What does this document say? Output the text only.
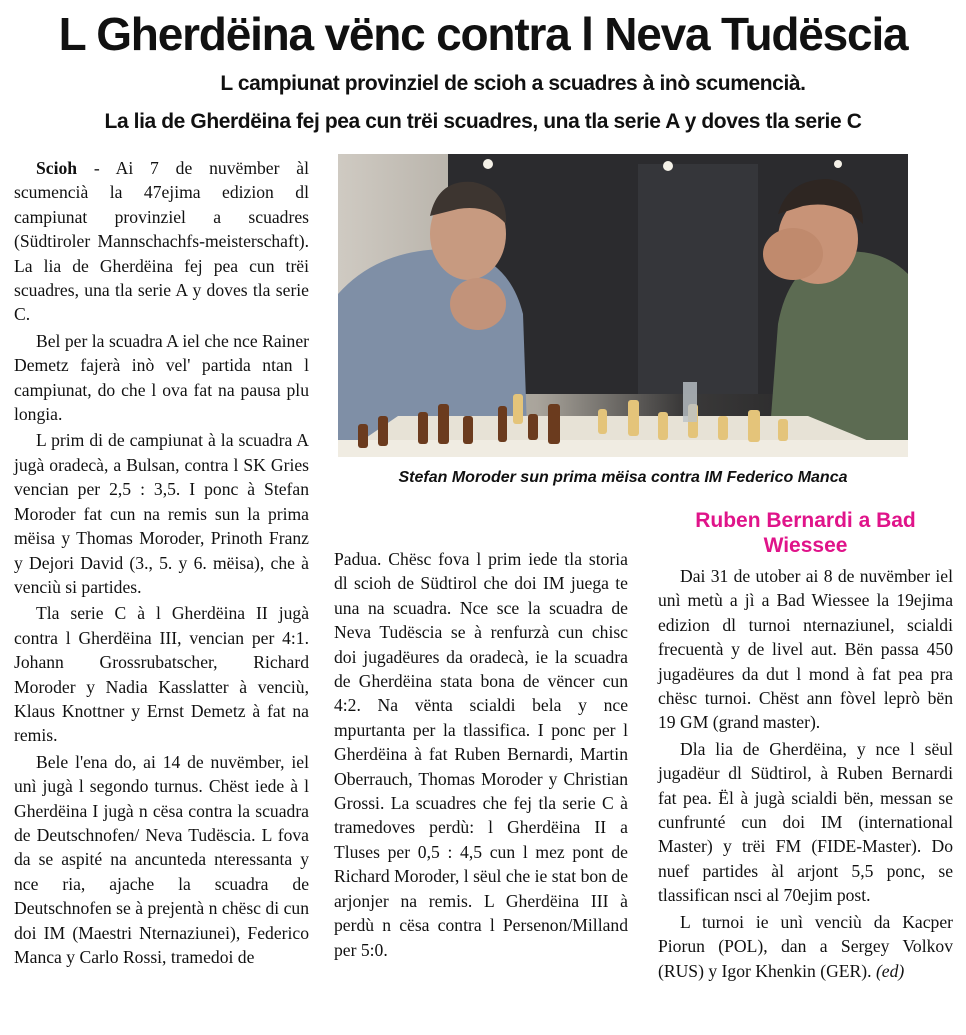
L Gherdëina vënc contra l Neva Tudëscia
L campiunat provinziel de scioh a scuadres à inò scumencià.
La lia de Gherdëina fej pea cun trëi scuadres, una tla serie A y doves tla serie C

Scioh - Ai 7 de nuvëmber àl scumencià la 47ejima edizion dl campiunat provinziel a scuadres (Südtiroler Mannschachfs-meisterschaft). La lia de Gherdëina fej pea cun trëi scuadres, una tla serie A y doves tla serie C.

Bel per la scuadra A iel che nce Rainer Demetz fajerà inò vel' partida ntan l campiunat, do che l ova fat na pausa plu longia.

L prim di de campiunat à la scuadra A jugà oradecà, a Bulsan, contra l SK Gries vencian per 2,5 : 3,5. I ponc à Stefan Moroder fat cun na remis sun la prima mëisa y Thomas Moroder, Prinoth Franz y Dejori David (3., 5. y 6. mëisa), che à venciù si partides.

Tla serie C à l Gherdëina II jugà contra l Gherdëina III, vencian per 4:1. Johann Grossrubatscher, Richard Moroder y Nadia Kasslatter à venciù, Klaus Knottner y Ernst Demetz à fat na remis.

Bele l'ena do, ai 14 de nuvëmber, iel unì jugà l segondo turnus. Chëst iede à l Gherdëina I jugà n cësa contra la scuadra de Deutschnofen/ Neva Tudëscia. L fova da se aspité na ancunteda nteressanta y nce ria, ajache la scuadra de Deutschnofen se à prejentà n chësc di cun doi IM (Maestri Nternaziunei), Federico Manca y Carlo Rossi, tramedoi de

Stefan Moroder sun prima mëisa contra IM Federico Manca

Padua. Chësc fova l prim iede tla storia dl scioh de Südtirol che doi IM juega te una na scuadra. Nce sce la scuadra de Neva Tudëscia se à renfurzà cun chisc doi jugadëures da oradecà, ie la scuadra de Gherdëina stata bona de vëncer cun 4:2. Na vënta scialdi bela y nce mpurtanta per la tlassifica. I ponc per l Gherdëina à fat Ruben Bernardi, Martin Oberrauch, Thomas Moroder y Christian Grossi. La scuadres che fej tla serie C à tramedoves perdù: l Gherdëina II a Tluses per 0,5 : 4,5 cun l mez pont de Richard Moroder, l sëul che ie stat bon de arjonjer na remis. L Gherdëina III à perdù n cësa contra l Persenon/Milland per 5:0.

Ruben Bernardi a Bad Wiessee

Dai 31 de utober ai 8 de nuvëmber iel unì metù a jì a Bad Wiessee la 19ejima edizion dl turnoi nternaziunel, scialdi frecuentà y de livel aut. Bën passa 450 jugadëures da dut l mond à fat pea pra chësc turnoi. Chëst ann fòvel leprò bën 19 GM (grand master).

Dla lia de Gherdëina, y nce l sëul jugadëur dl Südtirol, à Ruben Bernardi fat pea. Ël à jugà scialdi bën, messan se cunfrunté cun doi IM (international Master) y trëi FM (FIDE-Master). Do nuef partides àl arjont 5,5 ponc, se tlassifican nsci al 70ejim post.

L turnoi ie unì venciù da Kacper Piorun (POL), dan a Sergey Volkov (RUS) y Igor Khenkin (GER). (ed)
